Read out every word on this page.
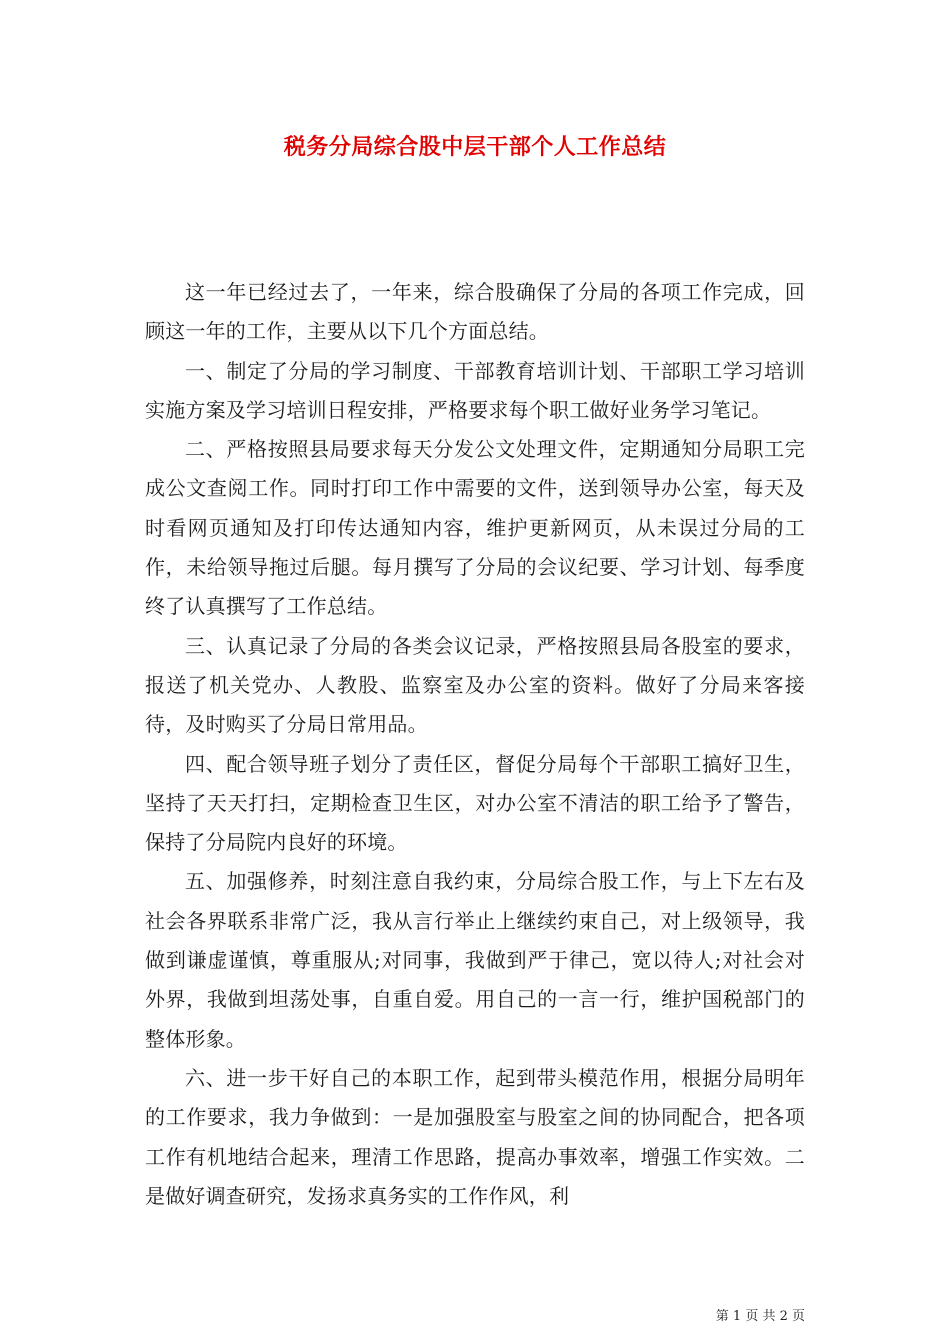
税务分局综合股中层干部个人工作总结

这一年已经过去了，一年来，综合股确保了分局的各项工作完成，回顾这一年的工作，主要从以下几个方面总结。

一、制定了分局的学习制度、干部教育培训计划、干部职工学习培训实施方案及学习培训日程安排，严格要求每个职工做好业务学习笔记。

二、严格按照县局要求每天分发公文处理文件，定期通知分局职工完成公文查阅工作。同时打印工作中需要的文件，送到领导办公室，每天及时看网页通知及打印传达通知内容，维护更新网页，从未误过分局的工作，未给领导拖过后腿。每月撰写了分局的会议纪要、学习计划、每季度终了认真撰写了工作总结。

三、认真记录了分局的各类会议记录，严格按照县局各股室的要求，报送了机关党办、人教股、监察室及办公室的资料。做好了分局来客接待，及时购买了分局日常用品。

四、配合领导班子划分了责任区，督促分局每个干部职工搞好卫生，坚持了天天打扫，定期检查卫生区，对办公室不清洁的职工给予了警告，保持了分局院内良好的环境。

五、加强修养，时刻注意自我约束，分局综合股工作，与上下左右及社会各界联系非常广泛，我从言行举止上继续约束自己，对上级领导，我做到谦虚谨慎，尊重服从;对同事，我做到严于律己，宽以待人;对社会对外界，我做到坦荡处事，自重自爱。用自己的一言一行，维护国税部门的整体形象。

六、进一步干好自己的本职工作，起到带头模范作用，根据分局明年的工作要求，我力争做到：一是加强股室与股室之间的协同配合，把各项工作有机地结合起来，理清工作思路，提高办事效率，增强工作实效。二是做好调查研究，发扬求真务实的工作作风，利

第 1 页 共 2 页
